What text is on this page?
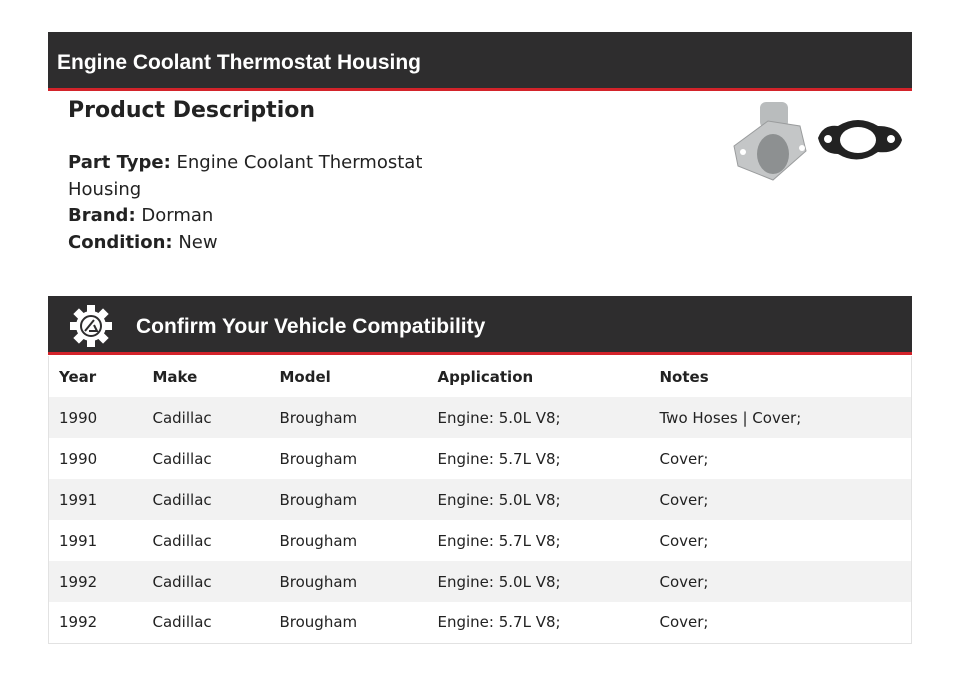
Engine Coolant Thermostat Housing
Product Description
Part Type: Engine Coolant Thermostat Housing
Brand: Dorman
Condition: New
Confirm Your Vehicle Compatibility
Year	Make	Model	Application	Notes
1990	Cadillac	Brougham	Engine: 5.0L V8;	Two Hoses | Cover;
1990	Cadillac	Brougham	Engine: 5.7L V8;	Cover;
1991	Cadillac	Brougham	Engine: 5.0L V8;	Cover;
1991	Cadillac	Brougham	Engine: 5.7L V8;	Cover;
1992	Cadillac	Brougham	Engine: 5.0L V8;	Cover;
1992	Cadillac	Brougham	Engine: 5.7L V8;	Cover;
